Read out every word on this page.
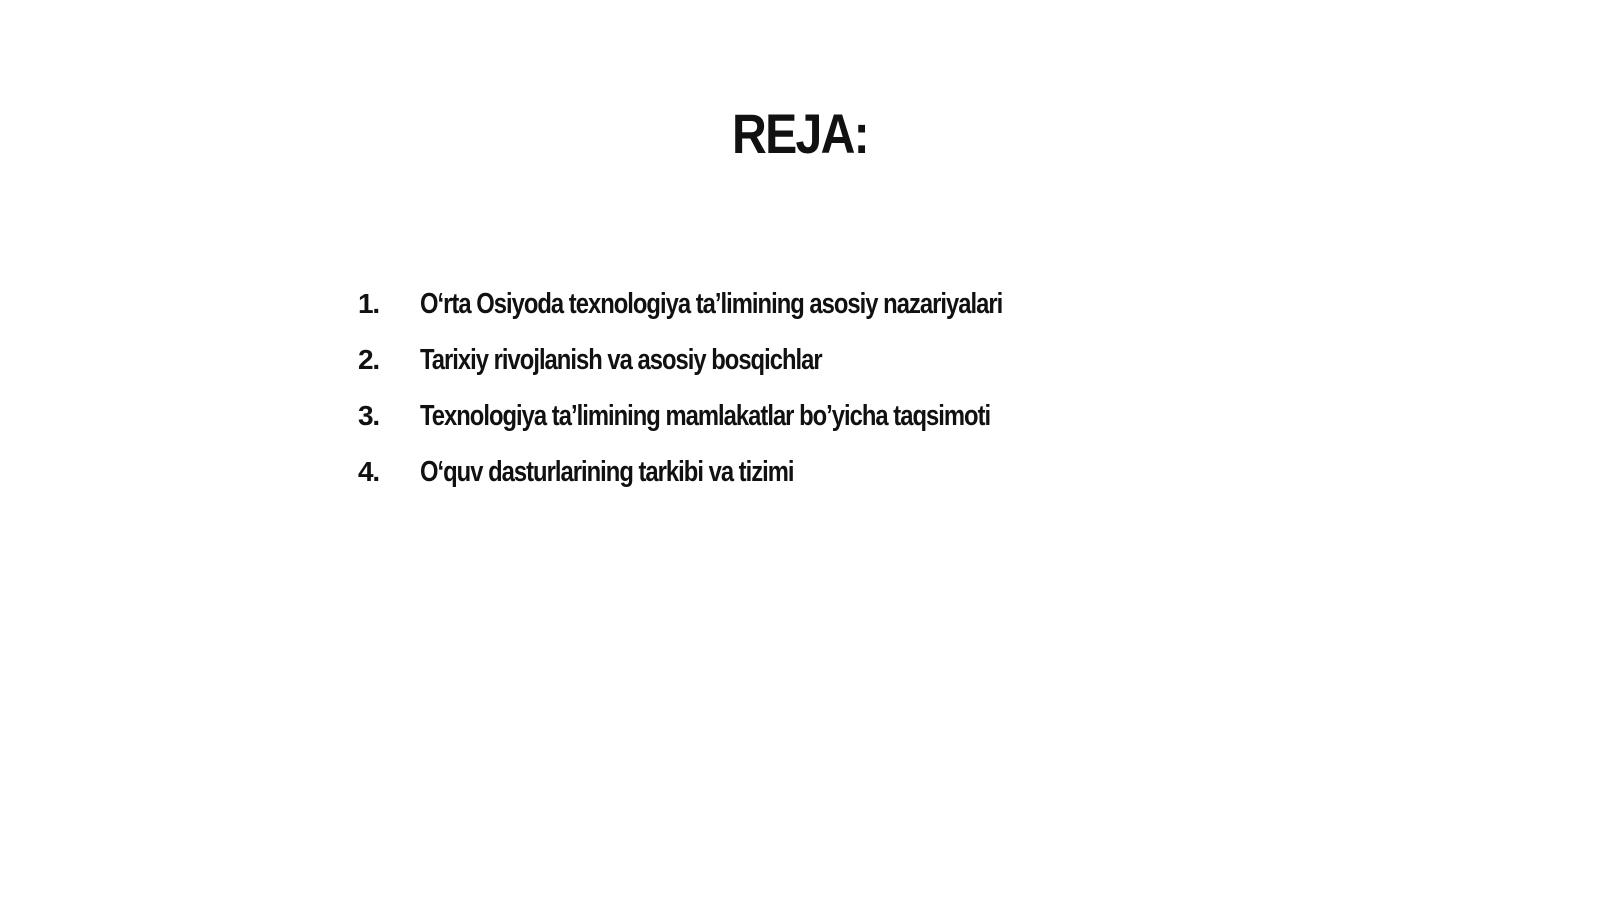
REJA:
1.	O‘rta Osiyoda texnologiya ta’limining asosiy nazariyalari
2.	Tarixiy rivojlanish va asosiy bosqichlar
3.	Texnologiya ta’limining mamlakatlar bo’yicha taqsimoti
4.	O‘quv dasturlarining tarkibi va tizimi
